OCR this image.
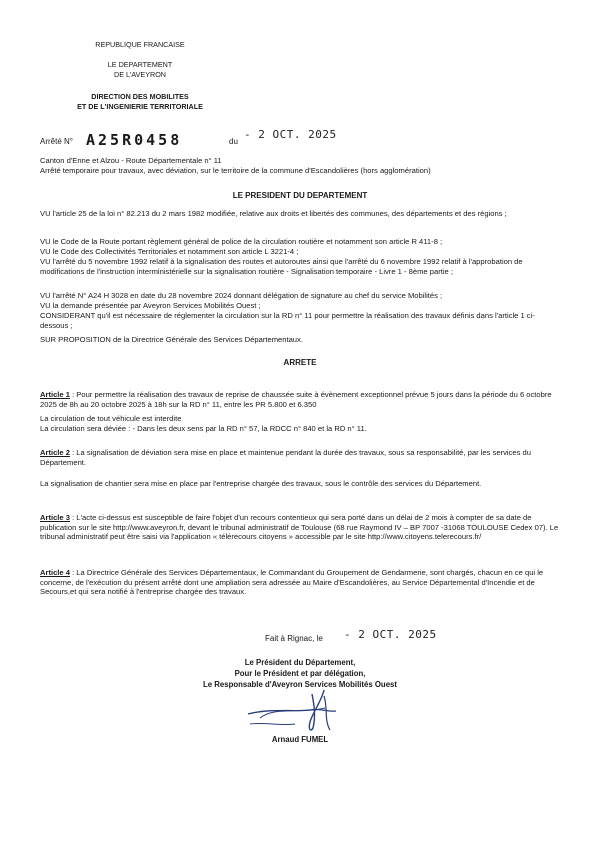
REPUBLIQUE FRANCAISE
LE DEPARTEMENT
DE L'AVEYRON
DIRECTION DES MOBILITES
ET DE L'INGENIERIE TERRITORIALE
Arrêté N° A25R0458	du
- 2 OCT. 2025
Canton d'Enne et Alzou - Route Départementale n° 11
Arrêté temporaire pour travaux, avec déviation, sur le territoire de la commune d'Escandolières (hors agglomération)
LE PRESIDENT DU DEPARTEMENT
VU l'article 25 de la loi n° 82.213 du 2 mars 1982 modifiée, relative aux droits et libertés des communes, des départements et des régions ;
VU le Code de la Route portant règlement général de police de la circulation routière et notamment son article R 411-8 ;
VU le Code des Collectivités Territoriales et notamment son article L 3221-4 ;
VU l'arrêté du 5 novembre 1992 relatif à la signalisation des routes et autoroutes ainsi que l'arrêté du 6 novembre 1992 relatif à l'approbation de modifications de l'instruction interministérielle sur la signalisation routière - Signalisation temporaire - Livre 1 - 8ème partie ;
VU l'arrêté N° A24 H 3028 en date du 28 novembre 2024 donnant délégation de signature au chef du service Mobilités ;
VU la demande présentée par Aveyron Services Mobilités Ouest ;
CONSIDERANT qu'il est nécessaire de réglementer la circulation sur la RD n° 11 pour permettre la réalisation des travaux définis dans l'article 1 ci-dessous ;
SUR PROPOSITION de la Directrice Générale des Services Départementaux.
ARRETE
Article 1 : Pour permettre la réalisation des travaux de reprise de chaussée suite à évènement exceptionnel prévue 5 jours dans la période du 6 octobre 2025 de 8h au 20 octobre 2025 à 18h sur la RD n° 11, entre les PR 5.800 et 6.350
La circulation de tout véhicule est interdite
La circulation sera déviée : - Dans les deux sens par la RD n° 57, la RDCC n° 840 et la RD n° 11.
Article 2 : La signalisation de déviation sera mise en place et maintenue pendant la durée des travaux, sous sa responsabilité, par les services du Département.
La signalisation de chantier sera mise en place par l'entreprise chargée des travaux, sous le contrôle des services du Département.
Article 3 : L'acte ci-dessus est susceptible de faire l'objet d'un recours contentieux qui sera porté dans un délai de 2 mois à compter de sa date de publication sur le site http://www.aveyron.fr, devant le tribunal administratif de Toulouse (68 rue Raymond IV – BP 7007 -31068 TOULOUSE Cedex 07). Le tribunal administratif peut être saisi via l'application « télérecours citoyens » accessible par le site http://www.citoyens.telerecours.fr/
Article 4 : La Directrice Générale des Services Départementaux, le Commandant du Groupement de Gendarmerie, sont chargés, chacun en ce qui le concerne, de l'exécution du présent arrêté dont une ampliation sera adressée au Maire d'Escandolières, au Service Départemental d'Incendie et de Secours,et qui sera notifié à l'entreprise chargée des travaux.
Fait à Rignac, le - 2 OCT. 2025
Le Président du Département,
Pour le Président et par délégation,
Le Responsable d'Aveyron Services Mobilités Ouest
Arnaud FUMEL
